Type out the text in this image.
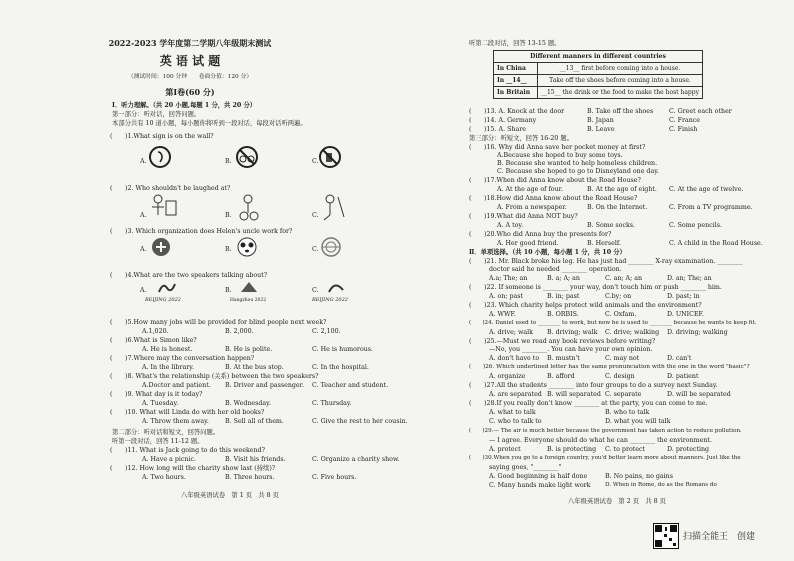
2022-2023 学年度第二学期八年级期末测试
英 语 试 题
（测试时间：100 分钟　　卷面分值：120 分）
第Ⅰ卷(60 分)
Ⅰ．听力理解。（共 20 小题,每题 1 分，共 20 分）
第一部分：听对话，回答问题。
本部分共有 10 道小题，每小题你将听到一段对话，每段对话听两遍。
(　　)1.What sign is on the wall?
A.	B.	C.
(　　)2. Who shouldn't be laughed at?
A.	B.	C.
(　　)3. Which organization does Helen's uncle work for?
A.	B.	C.
(　　)4.What are the two speakers talking about?
A.	B.	C.
BEIJING 2022	Hangzhou 2022	BEIJING 2022
(　　)5.How many jobs will be provided for blind people next week?
A.1,020.	B. 2,000.	C. 2,100.
(　　)6.What is Simon like?
A. He is honest.	B. He is polite.	C. He is humorous.
(　　)7.Where may the conversation happen?
A. In the library.	B. At the bus stop.	C. In the hospital.
(　　)8. What's the relationship (关系) between the two speakers?
A.Doctor and patient. B. Driver and passenger. C. Teacher and student.
(　　)9. What day is it today?
A. Tuesday.	B. Wednesday.	C. Thursday.
(　　)10. What will Linda do with her old books?
A. Throw them away.	B. Sell all of them.	C. Give the rest to her cousin.
第二部分：听对话和短文，回答问题。
听第一段对话，回答 11-12 题。
(　　)11. What is Jack going to do this weekend?
A. Have a picnic.	B. Visit his friends.	C. Organize a charity show.
(　　)12. How long will the charity show last (持续)?
A. Two hours.	B. Three hours.	C. Five hours.
八年级英语试卷　第 1 页　共 8 页
听第二段对话，回答 13-15 题。
Different manners in different countries	
In China	__13__ first before coming into a house.
In __14__	Take off the shoes before coming into a house.
In Britain	__15__ the drink or the food to make the host happy
(　　)13. A. Knock at the door	B. Take off the shoes C. Greet each other
(　　)14. A. Germany	B. Japan	C. France
(　　)15. A. Share	B. Leave	C. Finish
第三部分：听短文，回答 16-20 题。
(　　)16. Why did Anna save her pocket money at first?
A.Because she hoped to buy some toys.
B. Because she wanted to help homeless children.
C. Because she hoped to go to Disneyland one day.
(　　)17.When did Anna know about the Road House?
A. At the age of four.	B. At the age of eight. C. At the age of twelve.
(　　)18.How did Anna know about the Road House?
A. From a newspaper.	B. On the Internet.	C. From a TV programme.
(　　)19.What did Anna NOT buy?
A. A toy.	B. Some socks.	C. Some pencils.
(　　)20.Who did Anna buy the presents for?
A. Her good friend.	B. Herself.	C. A child in the Road House.
Ⅱ．单项选择。（共 10 小题，每小题 1 分，共 10 分）
(　　)21. Mr. Black broke his leg. He has just had ________ X-ray examination. ________
doctor said he needed ________ operation.
A.a; The; an	B. a; A; an	C. an; A; an	D. an; The; an
(　　)22. If someone is ________ your way, don't touch him or push ________ him.
A. on; past	B. in; past	C.by; on	D. past; in
(　　)23. Which charity helps protect wild animals and the environment?
A. WWF.	B. ORBIS.	C. Oxfam.	D. UNICEF.
(　　)24. Daniel used to ________ to work, but now he is used to ________ because he wants to keep fit.
A. drive; walk B. driving; walk C. drive; walking D. driving; walking
(　　)25.—Must we read any book reviews before writing?
—No, you ________. You can have your own opinion.
A. don't have to B. mustn't	C. may not	D. can't
(　　)26. Which underlined letter has the same pronunciation with the one in the word "basic"?
A. organize	B. afford	C. design	D. patient
(　　)27.All the students ________ into four groups to do a survey next Sunday.
A. are separated B. will separated C. separate	D. will be separated
(　　)28.If you really don't know ________ at the party, you can come to me.
A. what to talk	B. who to talk
C. who to talk to	D. what you will talk
(　　)29.— The air is much better because the government has taken action to reduce pollution.
— I agree. Everyone should do what he can ________ the environment.
A. protect	B. is protecting C. to protect	D. protecting
(　　)30.When you go to a foreign country, you'd better learn more about manners. Just like the
saying goes, "________"
A. Good beginning is half done	B. No pains, no gains
C. Many hands make light work	D. When in Rome, do as the Romans do
八年级英语试卷　第 2 页　共 8 页
扫描全能王　创建
